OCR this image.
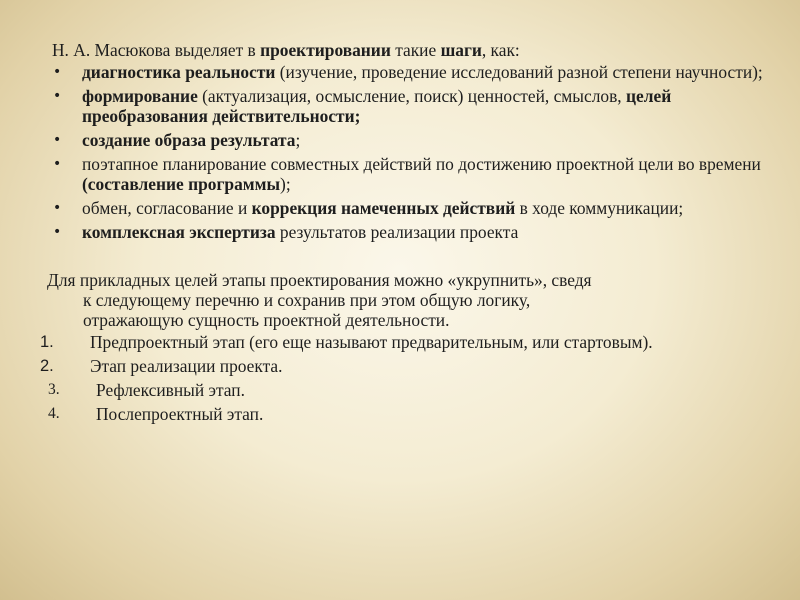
Н. А. Масюкова выделяет в проектировании такие шаги, как:

• диагностика реальности (изучение, проведение исследований разной степени научности);
• формирование (актуализация, осмысление, поиск) ценностей, смыслов, целей преобразования действительности;
• создание образа результата;
• поэтапное планирование совместных действий по достижению проектной цели во времени (составление программы);
• обмен, согласование и коррекция намеченных действий в ходе коммуникации;
• комплексная экспертиза результатов реализации проекта
Для прикладных целей этапы проектирования можно «укрупнить», сведя
к следующему перечню и сохранив при этом общую логику,
отражающую сущность проектной деятельности.
1. Предпроектный этап (его еще называют предварительным, или стартовым).
2. Этап реализации проекта.
3. Рефлексивный этап.
4. Послепроектный этап.
